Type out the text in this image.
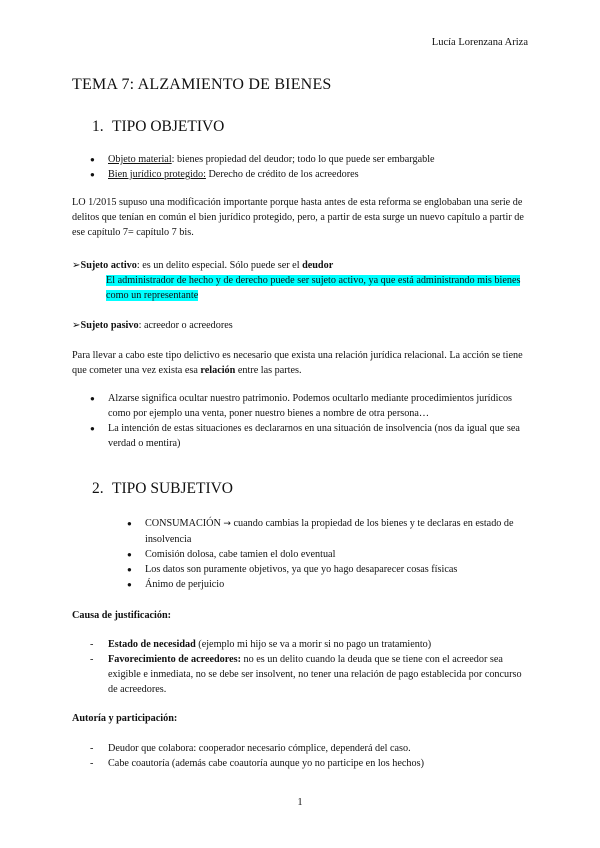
Lucía Lorenzana Ariza
TEMA 7: ALZAMIENTO DE BIENES
1. TIPO OBJETIVO
● Objeto material: bienes propiedad del deudor; todo lo que puede ser embargable
● Bien jurídico protegido: Derecho de crédito de los acreedores
LO 1/2015 supuso una modificación importante porque hasta antes de esta reforma se englobaban una serie de delitos que tenían en común el bien jurídico protegido, pero, a partir de esta surge un nuevo capítulo a partir de ese capítulo 7= capítulo 7 bis.
➢Sujeto activo: es un delito especial. Sólo puede ser el deudor
El administrador de hecho y de derecho puede ser sujeto activo, ya que está administrando mis bienes como un representante
➢Sujeto pasivo: acreedor o acreedores
Para llevar a cabo este tipo delictivo es necesario que exista una relación jurídica relacional. La acción se tiene que cometer una vez exista esa relación entre las partes.
● Alzarse significa ocultar nuestro patrimonio. Podemos ocultarlo mediante procedimientos jurídicos como por ejemplo una venta, poner nuestro bienes a nombre de otra persona…
● La intención de estas situaciones es declararnos en una situación de insolvencia (nos da igual que sea verdad o mentira)
2. TIPO SUBJETIVO
● CONSUMACIÓN → cuando cambias la propiedad de los bienes y te declaras en estado de insolvencia
● Comisión dolosa, cabe tamien el dolo eventual
● Los datos son puramente objetivos, ya que yo hago desaparecer cosas físicas
● Ánimo de perjuicio
Causa de justificación:
- Estado de necesidad (ejemplo mi hijo se va a morir si no pago un tratamiento)
- Favorecimiento de acreedores: no es un delito cuando la deuda que se tiene con el acreedor sea exigible e inmediata, no se debe ser insolvent, no tener una relación de pago establecida por concurso de acreedores.
Autoría y participación:
- Deudor que colabora: cooperador necesario cómplice, dependerá del caso.
- Cabe coautoría (además cabe coautoría aunque yo no participe en los hechos)
1
